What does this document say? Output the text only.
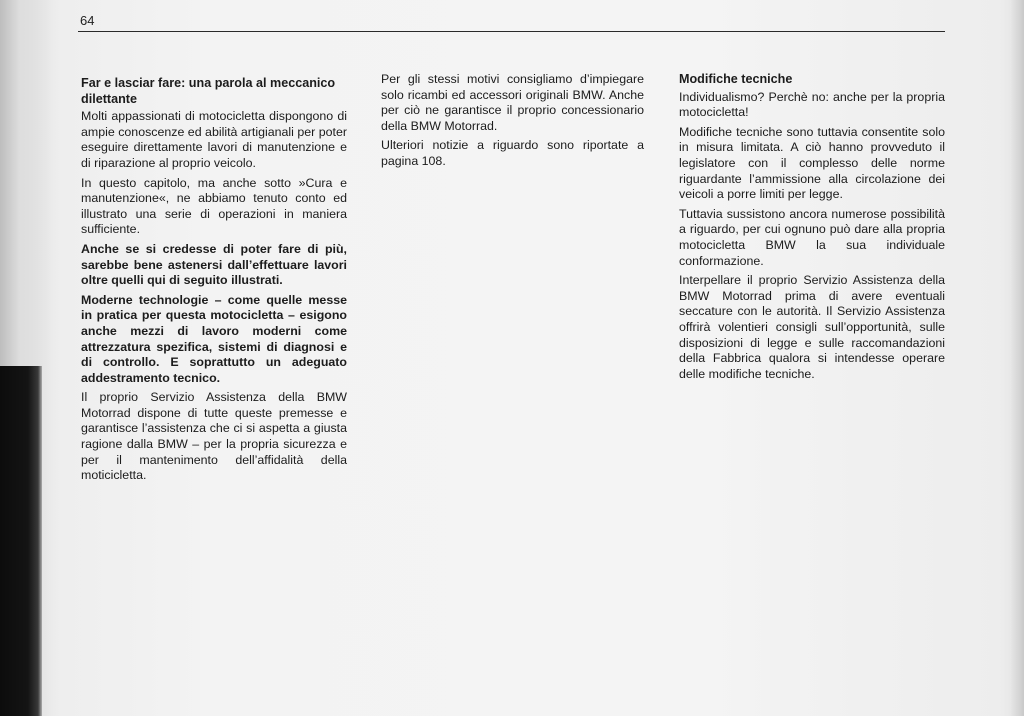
64

Far e lasciar fare: una parola al meccanico dilettante

Molti appassionati di motocicletta dispongono di ampie conoscenze ed abilità artigianali per poter eseguire direttamente lavori di manutenzione e di riparazione al proprio veicolo.

In questo capitolo, ma anche sotto »Cura e manutenzione«, ne abbiamo tenuto conto ed illustrato una serie di operazioni in maniera sufficiente.

Anche se si credesse di poter fare di più, sarebbe bene astenersi dall’effettuare lavori oltre quelli qui di seguito illustrati.

Moderne technologie – come quelle messe in pratica per questa motocicletta – esigono anche mezzi di lavoro moderni come attrezzatura spezifica, sistemi di diagnosi e di controllo. E soprattutto un adeguato addestramento tecnico.

Il proprio Servizio Assistenza della BMW Motorrad dispone di tutte queste premesse e garantisce l’assistenza che ci si aspetta a giusta ragione dalla BMW – per la propria sicurezza e per il mantenimento dell’affidalità della moticicletta.

Per gli stessi motivi consigliamo d’impiegare solo ricambi ed accessori originali BMW. Anche per ciò ne garantisce il proprio concessionario della BMW Motorrad.

Ulteriori notizie a riguardo sono riportate a pagina 108.

Modifiche tecniche

Individualismo? Perchè no: anche per la propria motocicletta!

Modifiche tecniche sono tuttavia consentite solo in misura limitata. A ciò hanno provveduto il legislatore con il complesso delle norme riguardante l’ammissione alla circolazione dei veicoli a porre limiti per legge.

Tuttavia sussistono ancora numerose possibilità a riguardo, per cui ognuno può dare alla propria motocicletta BMW la sua individuale conformazione.

Interpellare il proprio Servizio Assistenza della BMW Motorrad prima di avere eventuali seccature con le autorità. Il Servizio Assistenza offrirà volentieri consigli sull’opportunità, sulle disposizioni di legge e sulle raccomandazioni della Fabbrica qualora si intendesse operare delle modifiche tecniche.
